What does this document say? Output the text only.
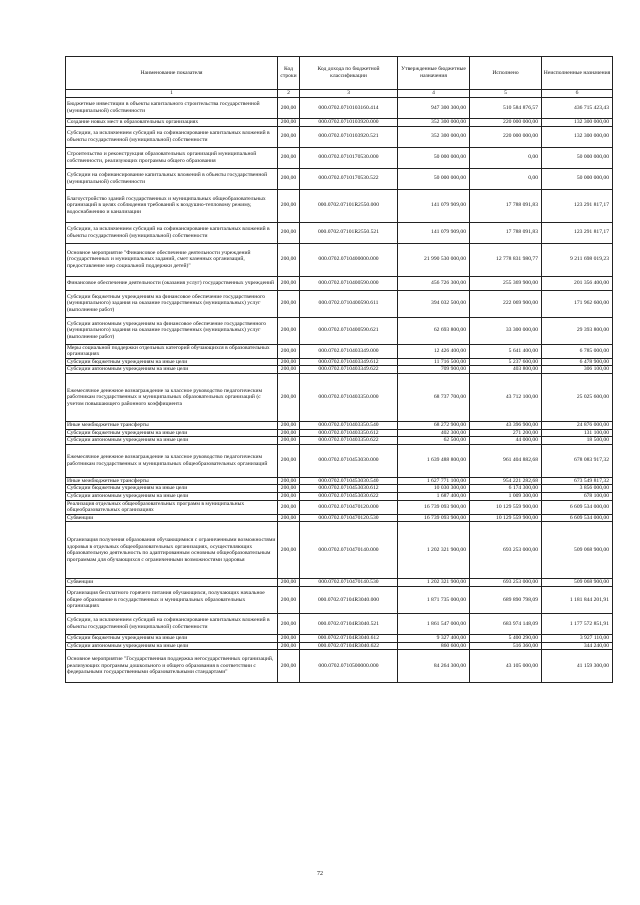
Наименование показателя	Код строки	Код дохода по бюджетной классификации	Утвержденные бюджетные назначения	Исполнено	Неисполненные назначения
1	2	3	4	5	6
Бюджетные инвестиции в объекты капитального строительства государственной (муниципальной) собственности	200,00	000.0702.0710103160.414	947 300 300,00	510 584 876,57	436 715 423,43
Создание новых мест в образовательных организациях	200,00	000.0702.0710103920.000	352 300 000,00	220 000 000,00	132 300 000,00
Субсидии, за исключением субсидий на софинансирование капитальных вложений в объекты государственной (муниципальной) собственности	200,00	000.0702.0710103920.521	352 300 000,00	220 000 000,00	132 300 000,00
Строительство и реконструкция образовательных организаций муниципальной собственности, реализующих программы общего образования	200,00	000.0702.0710170530.000	50 000 000,00	0,00	50 000 000,00
Субсидии на софинансирование капитальных вложений в объекты государственной (муниципальной) собственности	200,00	000.0702.0710170530.522	50 000 000,00	0,00	50 000 000,00
Благоустройство зданий государственных и муниципальных общеобразовательных организаций в целях соблюдения требований к воздушно-тепловому режиму, водоснабжению и канализации	200,00	000.0702.07101R2550.000	141 079 909,00	17 788 091,83	123 291 817,17
Субсидии, за исключением субсидий на софинансирование капитальных вложений в объекты государственной (муниципальной) собственности	200,00	000.0702.07101R2550.521	141 079 909,00	17 788 091,83	123 291 817,17
Основное мероприятие "Финансовое обеспечение деятельности учреждений (государственных и муниципальных заданий, смет казенных организаций, предоставление мер социальной поддержки детей)"	200,00	000.0702.0710400000.000	21 990 530 000,00	12 778 831 980,77	9 211 698 019,23
Финансовое обеспечение деятельности (оказания услуг) государственных учреждений	200,00	000.0702.0710400590.000	456 726 300,00	255 369 900,00	201 356 400,00
Субсидии бюджетным учреждениям на финансовое обеспечение государственного (муниципального) задания на оказание государственных (муниципальных) услуг (выполнение работ)	200,00	000.0702.0710400590.611	394 032 500,00	222 069 900,00	171 962 600,00
Субсидии автономным учреждениям на финансовое обеспечение государственного (муниципального) задания на оказание государственных (муниципальных) услуг (выполнение работ)	200,00	000.0702.0710400590.621	62 693 800,00	33 300 000,00	29 393 800,00
Меры социальной поддержки отдельных категорий обучающихся в образовательных организациях	200,00	000.0702.0710403349.000	12 426 400,00	5 641 400,00	6 785 000,00
Субсидии бюджетным учреждениям на иные цели	200,00	000.0702.0710403349.612	11 716 500,00	5 237 600,00	6 478 900,00
Субсидии автономным учреждениям на иные цели	200,00	000.0702.0710403349.622	709 900,00	403 800,00	306 100,00
Ежемесячное денежное вознаграждение за классное руководство педагогическим работникам государственных и муниципальных образовательных организаций (с учетом повышающего районного коэффициента	200,00	000.0702.0710403350.000	68 737 700,00	43 712 100,00	25 025 600,00
Иные межбюджетные трансферты	200,00	000.0702.0710403350.540	68 272 900,00	43 396 900,00	24 876 000,00
Субсидии бюджетным учреждениям на иные цели	200,00	000.0702.0710403350.612	402 300,00	271 200,00	131 100,00
Субсидии автономным учреждениям на иные цели	200,00	000.0702.0710403350.622	62 500,00	44 000,00	18 500,00
Ежемесячное денежное вознаграждение за классное руководство педагогическим работникам государственных и муниципальных общеобразовательных организаций	200,00	000.0702.0710453030.000	1 639 488 800,00	961 404 882,68	678 083 917,32
Иные межбюджетные трансферты	200,00	000.0702.0710453030.540	1 627 771 100,00	954 221 282,68	673 549 817,32
Субсидии бюджетным учреждениям на иные цели	200,00	000.0702.0710453030.612	10 030 300,00	6 174 300,00	3 856 000,00
Субсидии автономным учреждениям на иные цели	200,00	000.0702.0710453030.622	1 687 400,00	1 009 300,00	678 100,00
Реализация отдельных общеобразовательных программ в муниципальных общеобразовательных организациях	200,00	000.0702.0710470120.000	16 739 093 900,00	10 129 559 900,00	6 609 534 000,00
Субвенции	200,00	000.0702.0710470120.530	16 739 093 900,00	10 129 559 900,00	6 609 534 000,00
Организация получения образования обучающимися с ограниченными возможностями здоровья в отдельных общеобразовательных организациях, осуществляющих образовательную деятельность по адаптированным основным общеобразовательным программам для обучающихся с ограниченными возможностями здоровья	200,00	000.0702.0710470140.000	1 202 321 900,00	693 253 000,00	509 068 900,00
Субвенции	200,00	000.0702.0710470140.530	1 202 321 900,00	693 253 000,00	509 068 900,00
Организация бесплатного горячего питания обучающихся, получающих начальное общее образование в государственных и муниципальных образовательных организациях	200,00	000.0702.07104R3040.000	1 871 735 000,00	689 890 798,09	1 181 844 201,91
Субсидии, за исключением субсидий на софинансирование капитальных вложений в объекты государственной (муниципальной) собственности	200,00	000.0702.07104R3040.521	1 861 547 000,00	683 974 148,09	1 177 572 851,91
Субсидии бюджетным учреждениям на иные цели	200,00	000.0702.07104R3040.612	9 327 400,00	5 400 290,00	3 927 110,00
Субсидии автономным учреждениям на иные цели	200,00	000.0702.07104R3040.622	860 600,00	516 360,00	344 240,00
Основное мероприятие "Государственная поддержка негосударственных организаций, реализующих программы дошкольного и общего образования в соответствии с федеральными государственными образовательными стандартами"	200,00	000.0702.0710500000.000	84 264 300,00	43 105 000,00	41 159 300,00
72
